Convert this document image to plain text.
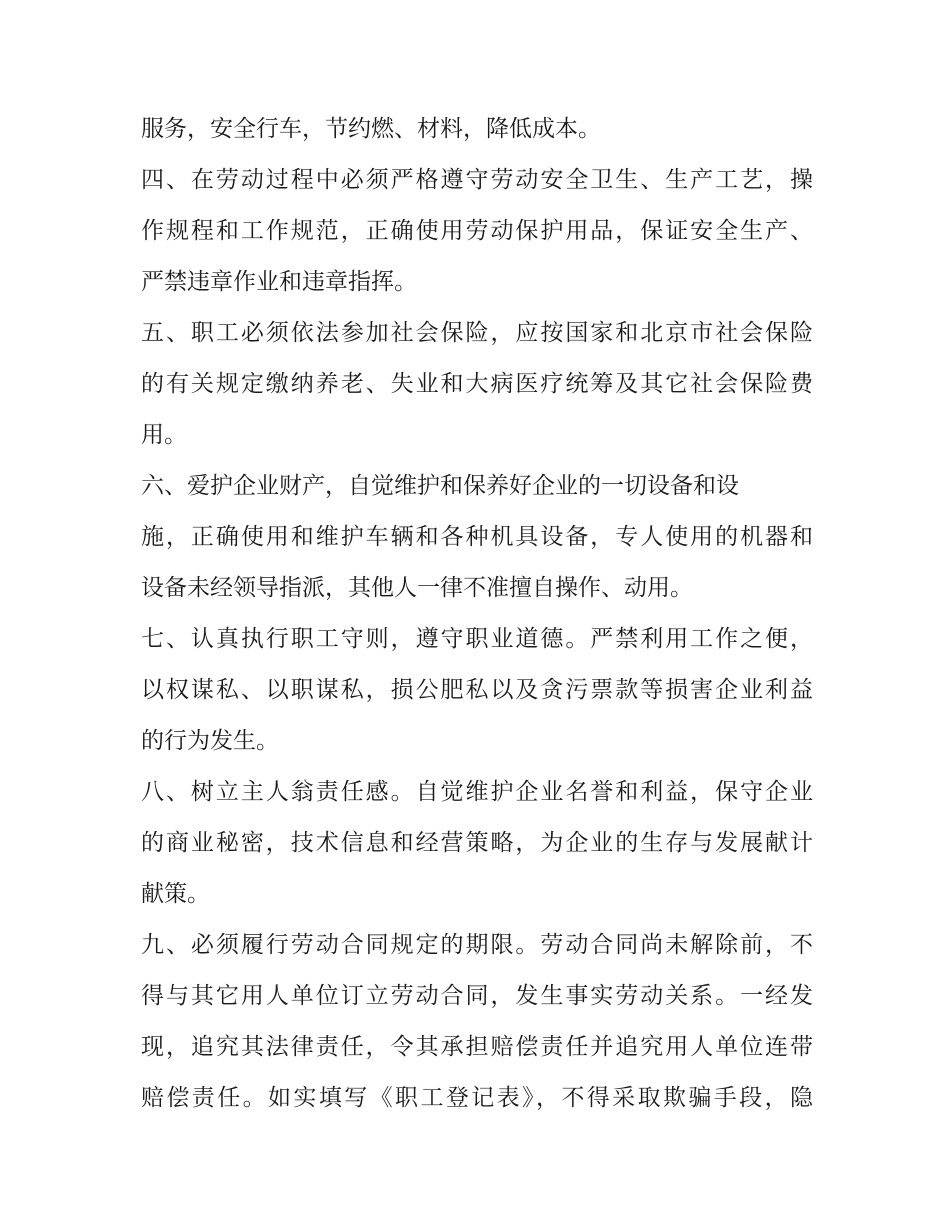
服务，安全行车，节约燃、材料，降低成本。
四、在劳动过程中必须严格遵守劳动安全卫生、生产工艺，操
作规程和工作规范，正确使用劳动保护用品，保证安全生产、
严禁违章作业和违章指挥。
五、职工必须依法参加社会保险，应按国家和北京市社会保险
的有关规定缴纳养老、失业和大病医疗统筹及其它社会保险费
用。
六、爱护企业财产，自觉维护和保养好企业的一切设备和设
施，正确使用和维护车辆和各种机具设备，专人使用的机器和
设备未经领导指派，其他人一律不准擅自操作、动用。
七、认真执行职工守则，遵守职业道德。严禁利用工作之便，
以权谋私、以职谋私，损公肥私以及贪污票款等损害企业利益
的行为发生。
八、树立主人翁责任感。自觉维护企业名誉和利益，保守企业
的商业秘密，技术信息和经营策略，为企业的生存与发展献计
献策。
九、必须履行劳动合同规定的期限。劳动合同尚未解除前，不
得与其它用人单位订立劳动合同，发生事实劳动关系。一经发
现，追究其法律责任，令其承担赔偿责任并追究用人单位连带
赔偿责任。如实填写《职工登记表》，不得采取欺骗手段，隐
